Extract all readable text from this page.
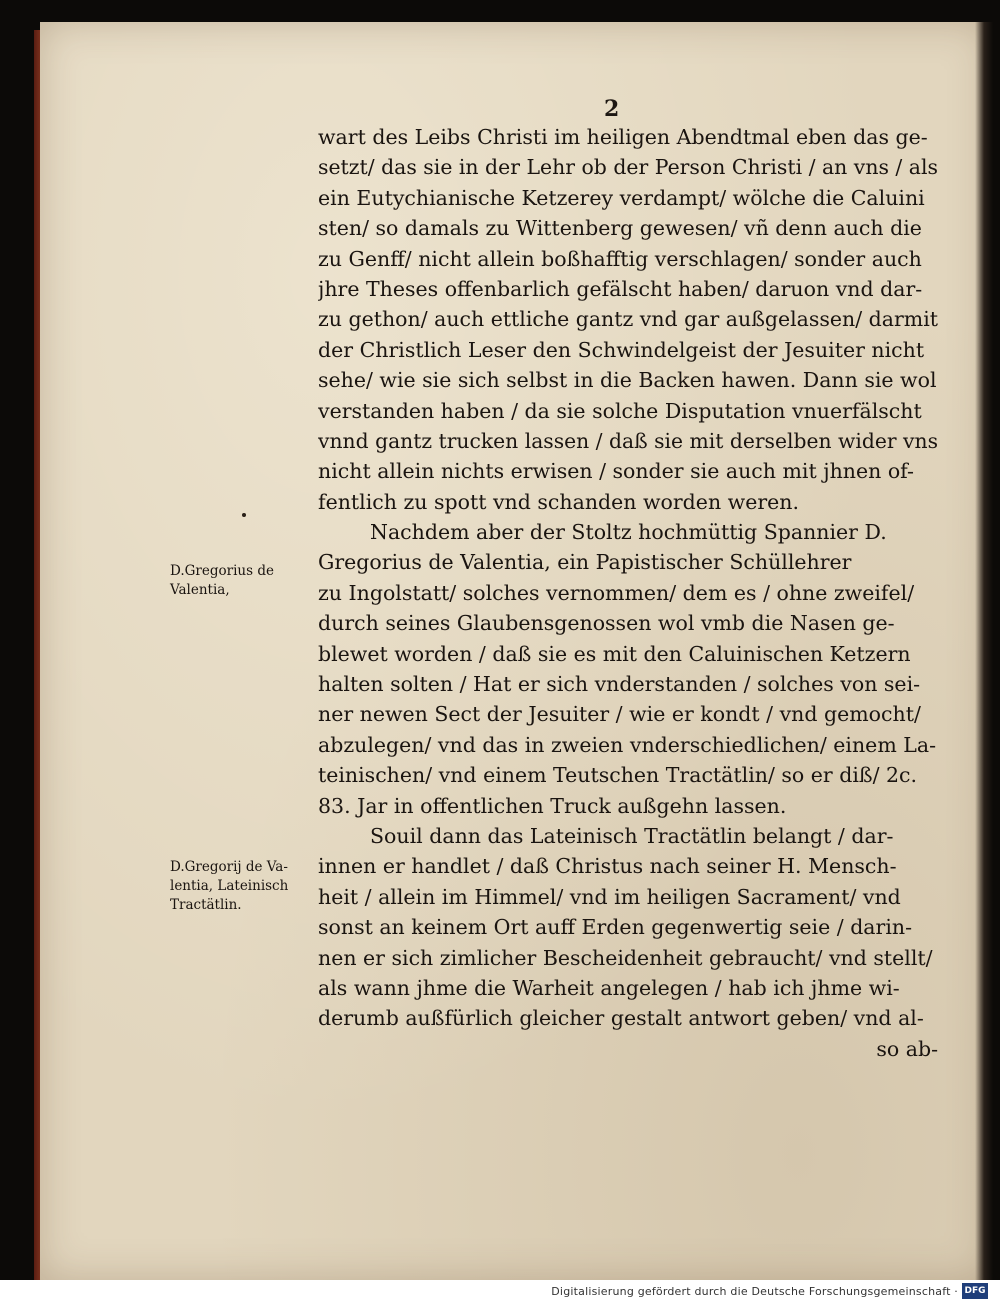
2
wart des Leibs Christi im heiligen Abendtmal eben das ge-
setzt/ das sie in der Lehr ob der Person Christi / an vns / als
ein Eutychianische Ketzerey verdampt/ wölche die Caluini
sten/ so damals zu Wittenberg gewesen/ vñ denn auch die
zu Genff/ nicht allein boßhafftig verschlagen/ sonder auch
jhre Theses offenbarlich gefälscht haben/ daruon vnd dar-
zu gethon/ auch ettliche gantz vnd gar außgelassen/ darmit
der Christlich Leser den Schwindelgeist der Jesuiter nicht
sehe/ wie sie sich selbst in die Backen hawen. Dann sie wol
verstanden haben / da sie solche Disputation vnuerfälscht
vnnd gantz trucken lassen / daß sie mit derselben wider vns
nicht allein nichts erwisen / sonder sie auch mit jhnen of-
fentlich zu spott vnd schanden worden weren.
Nachdem aber der Stoltz hochmüttig Spannier D.
Gregorius de Valentia, ein Papistischer Schüllehrer
zu Ingolstatt/ solches vernommen/ dem es / ohne zweifel/
durch seines Glaubensgenossen wol vmb die Nasen ge-
blewet worden / daß sie es mit den Caluinischen Ketzern
halten solten / Hat er sich vnderstanden / solches von sei-
ner newen Sect der Jesuiter / wie er kondt / vnd gemocht/
abzulegen/ vnd das in zweien vnderschiedlichen/ einem La-
teinischen/ vnd einem Teutschen Tractätlin/ so er diß/ 2c.
83. Jar in offentlichen Truck außgehn lassen.
Souil dann das Lateinisch Tractätlin belangt / dar-
innen er handlet / daß Christus nach seiner H. Mensch-
heit / allein im Himmel/ vnd im heiligen Sacrament/ vnd
sonst an keinem Ort auff Erden gegenwertig seie / darin-
nen er sich zimlicher Bescheidenheit gebraucht/ vnd stellt/
als wann jhme die Warheit angelegen / hab ich jhme wi-
derumb außfürlich gleicher gestalt antwort geben/ vnd al-
so ab-
D.Gregorius de
Valentia,
D.Gregorij de Va-
lentia, Lateinisch
Tractätlin.
Digitalisierung gefördert durch die Deutsche Forschungsgemeinschaft · DFG
